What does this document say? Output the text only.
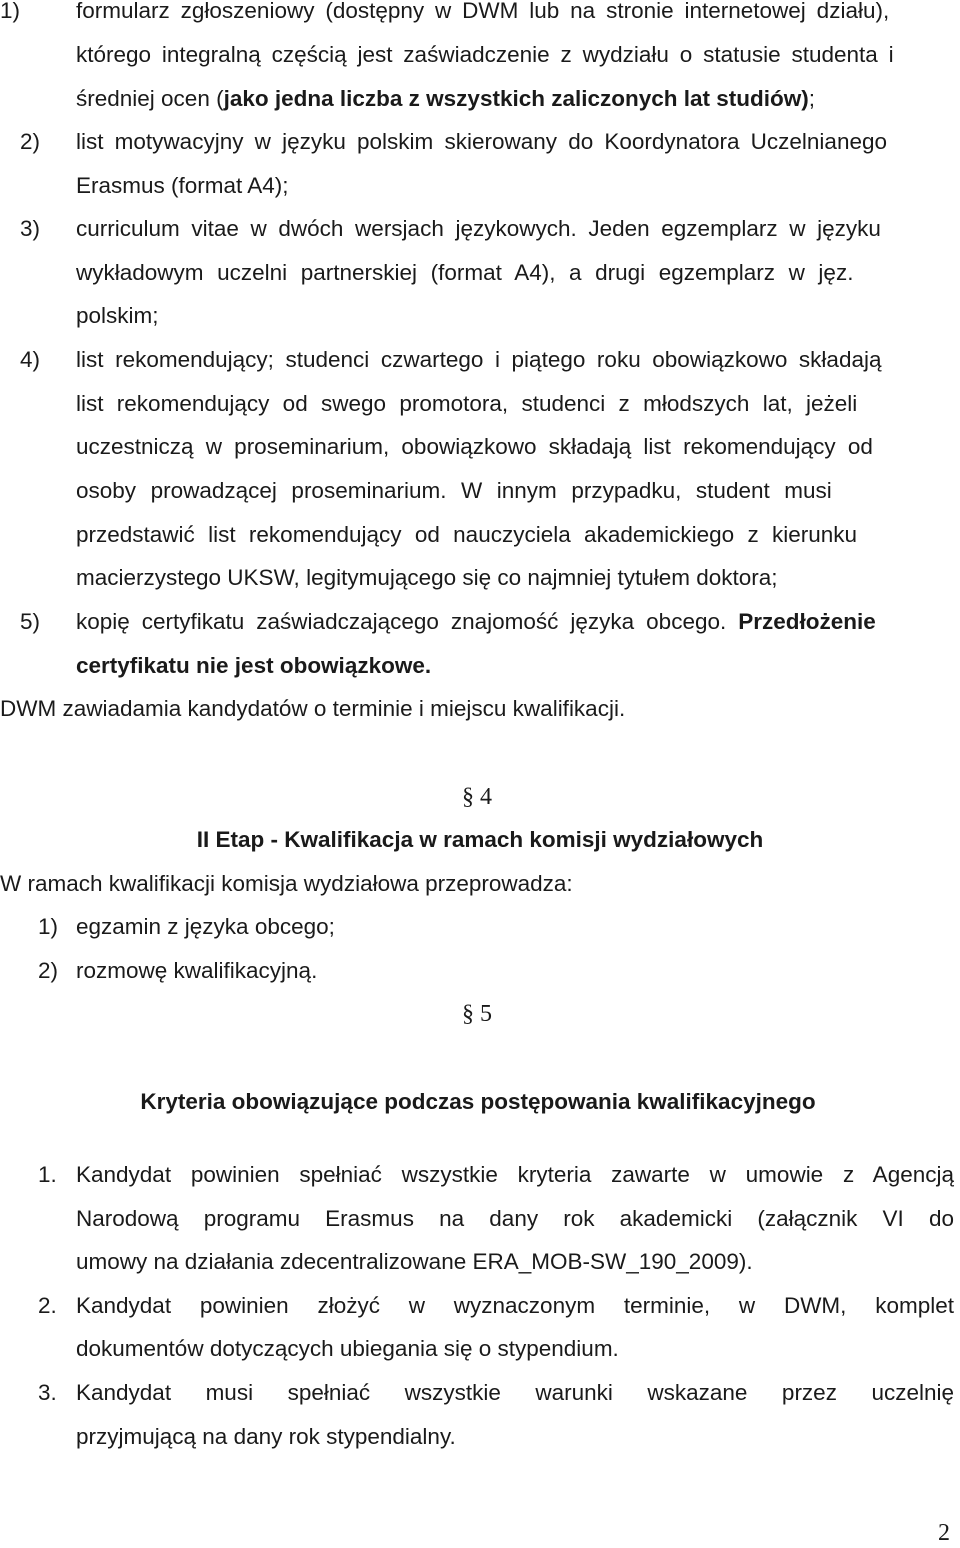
1) formularz zgłoszeniowy (dostępny w DWM lub na stronie internetowej działu),
którego integralną częścią jest zaświadczenie z wydziału o statusie studenta i
średniej ocen (jako jedna liczba z wszystkich zaliczonych lat studiów);
2) list motywacyjny w języku polskim skierowany do Koordynatora Uczelnianego
Erasmus (format A4);
3) curriculum vitae w dwóch wersjach językowych. Jeden egzemplarz w języku
wykładowym uczelni partnerskiej (format A4), a drugi egzemplarz w jęz.
polskim;
4) list rekomendujący; studenci czwartego i piątego roku obowiązkowo składają
list rekomendujący od swego promotora, studenci z młodszych lat, jeżeli
uczestniczą w proseminarium, obowiązkowo składają list rekomendujący od
osoby prowadzącej proseminarium. W innym przypadku, student musi
przedstawić list rekomendujący od nauczyciela akademickiego z kierunku
macierzystego UKSW, legitymującego się co najmniej tytułem doktora;
5) kopię certyfikatu zaświadczającego znajomość języka obcego. Przedłożenie
certyfikatu nie jest obowiązkowe.
DWM zawiadamia kandydatów o terminie i miejscu kwalifikacji.
§ 4
II Etap - Kwalifikacja w ramach komisji wydziałowych
W ramach kwalifikacji komisja wydziałowa przeprowadza:
1) egzamin z języka obcego;
2) rozmowę kwalifikacyjną.
§ 5
Kryteria obowiązujące podczas postępowania kwalifikacyjnego
1. Kandydat powinien spełniać wszystkie kryteria zawarte w umowie z Agencją
Narodową programu Erasmus na dany rok akademicki (załącznik VI do
umowy na działania zdecentralizowane ERA_MOB-SW_190_2009).
2. Kandydat powinien złożyć w wyznaczonym terminie, w DWM, komplet
dokumentów dotyczących ubiegania się o stypendium.
3. Kandydat musi spełniać wszystkie warunki wskazane przez uczelnię
przyjmującą na dany rok stypendialny.
2
